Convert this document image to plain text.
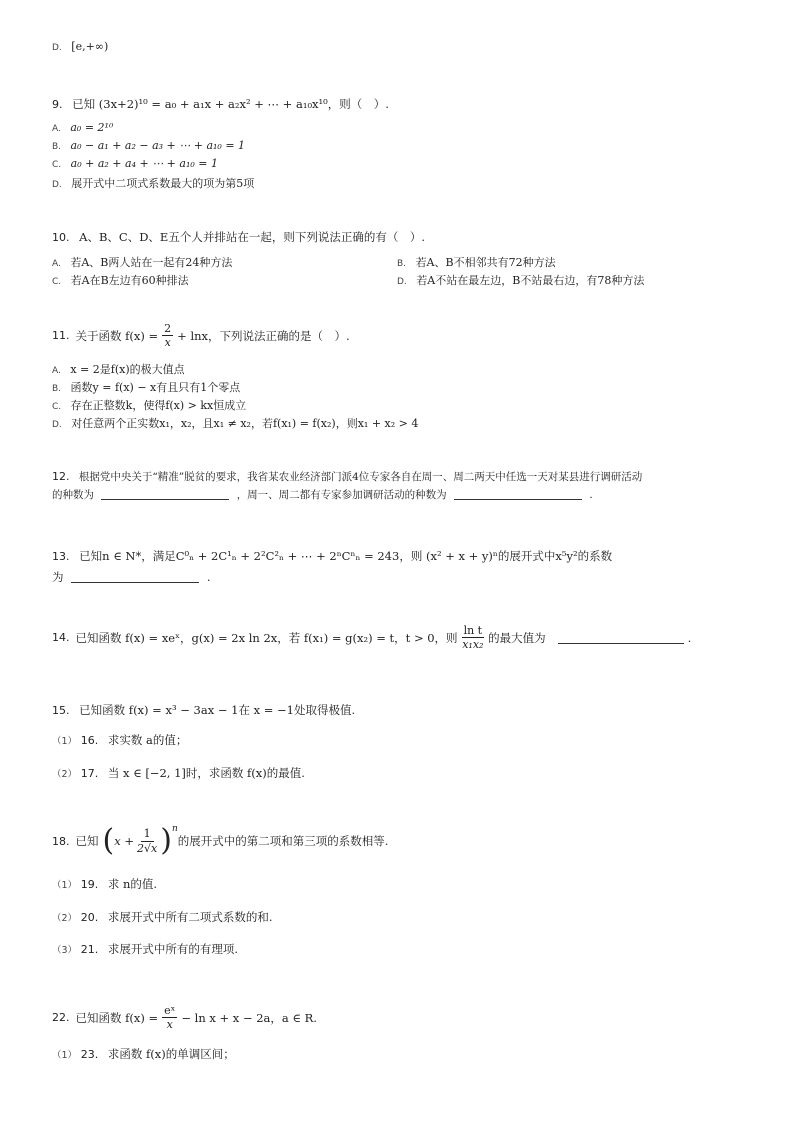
D. [e,+∞)
9. 已知 (3x+2)¹⁰ = a₀ + a₁x + a₂x² + ⋯ + a₁₀x¹⁰，则（　）.
A. a₀ = 2¹⁰
B. a₀ − a₁ + a₂ − a₃ + ⋯ + a₁₀ = 1
C. a₀ + a₂ + a₄ + ⋯ + a₁₀ = 1
D. 展开式中二项式系数最大的项为第5项
10. A、B、C、D、E五个人并排站在一起，则下列说法正确的有（　）.
A. 若A、B两人站在一起有24种方法	B. 若A、B不相邻共有72种方法
C. 若A在B左边有60种排法	D. 若A不站在最左边，B不站最右边，有78种方法
11. 关于函数 $f(x) = \frac{2}{x} + \ln x$，下列说法正确的是（　）.
A. x = 2是f(x)的极大值点
B. 函数y = f(x) − x有且只有1个零点
C. 存在正整数k，使得f(x) > kx恒成立
D. 对任意两个正实数x₁，x₂，且x₁ ≠ x₂，若f(x₁) = f(x₂)，则x₁ + x₂ > 4
12. 根据党中央关于“精准”脱贫的要求，我省某农业经济部门派4位专家各自在周一、周二两天中任选一天对某县进行调研活动
的种数为	，周一、周二都有专家参加调研活动的种数为	.
13. 已知n ∈ N*，满足C⁰ₙ + 2C¹ₙ + 2²C²ₙ + ⋯ + 2ⁿCⁿₙ = 243，则 (x² + x + y)ⁿ的展开式中x⁵y²的系数
为	.
14. 已知函数 f(x) = xeˣ，g(x) = 2x ln 2x，若 f(x₁) = g(x₂) = t，t > 0，则 $\frac{\text{ln t}}{\text{x₁x₂}}$ 的最大值为	.
15. 已知函数 f(x) = x³ − 3ax − 1在 x = −1处取得极值.
（1） 16. 求实数 a的值；
（2） 17. 当 x ∈ [−2, 1]时，求函数 f(x)的最值.
18. 已知 ( $x + \frac{1}{2√x}$ ) n
的展开式中的第二项和第三项的系数相等.
（1） 19. 求 n的值.
（2） 20. 求展开式中所有二项式系数的和.
（3） 21. 求展开式中所有的有理项.
22. 已知函数 $f(x) = \frac{\text{eˣ}}{x} - \ln x + x - 2a$，a ∈ R.
（1） 23. 求函数 f(x)的单调区间；
